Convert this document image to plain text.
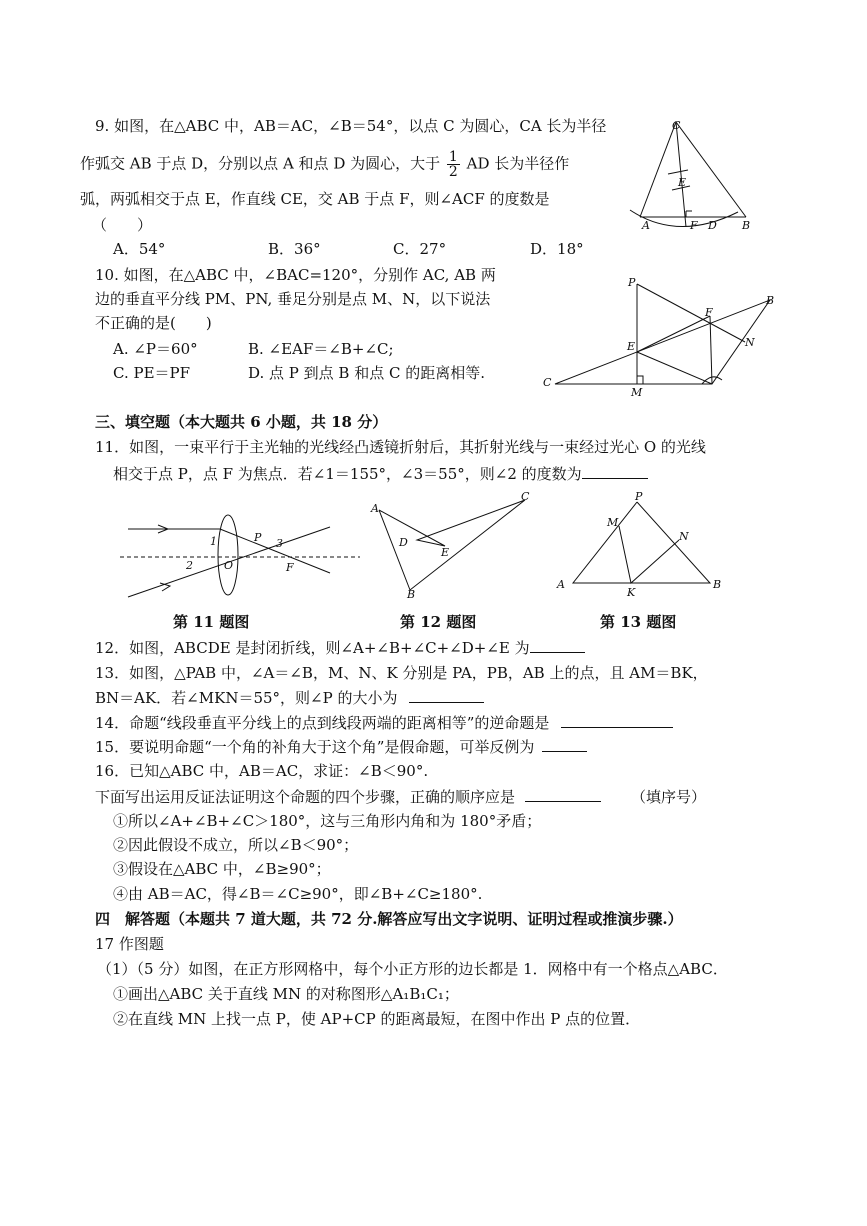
9. 如图，在△ABC 中，AB＝AC，∠B＝54°，以点 C 为圆心，CA 长为半径
作弧交 AB 于点 D，分别以点 A 和点 D 为圆心，大于 $\frac{1}{2}$ AD 长为半径作
弧，两弧相交于点 E，作直线 CE，交 AB 于点 F，则∠ACF 的度数是
（　　）
A．54°	B．36°	C．27°	D．18°
C
E
A	F D B
10. 如图，在△ABC 中，∠BAC=120°，分别作 AC, AB 两
边的垂直平分线 PM、PN, 垂足分别是点 M、N，以下说法
不正确的是(　　)
A. ∠P＝60°	B. ∠EAF＝∠B+∠C;
C. PE＝PF	D. 点 P 到点 B 和点 C 的距离相等.
P
B
F
N
E
C
M
三、填空题（本大题共 6 小题，共 18 分）
11．如图，一束平行于主光轴的光线经凸透镜折射后，其折射光线与一束经过光心 O 的光线
相交于点 P，点 F 为焦点．若∠1＝155°，∠3＝55°，则∠2 的度数为
1	P 3
2	O	F
A
C
D
E
B
P
M
N
A
K
B
第 11 题图	第 12 题图	第 13 题图
12．如图，ABCDE 是封闭折线，则∠A+∠B+∠C+∠D+∠E 为
13．如图，△PAB 中，∠A＝∠B，M、N、K 分别是 PA，PB，AB 上的点，且 AM＝BK，
BN＝AK．若∠MKN＝55°，则∠P 的大小为
14．命题“线段垂直平分线上的点到线段两端的距离相等”的逆命题是
15．要说明命题“一个角的补角大于这个角”是假命题，可举反例为
16．已知△ABC 中，AB＝AC，求证：∠B＜90°.
下面写出运用反证法证明这个命题的四个步骤，正确的顺序应是	（填序号）
①所以∠A+∠B+∠C＞180°，这与三角形内角和为 180°矛盾；
②因此假设不成立，所以∠B＜90°；
③假设在△ABC 中，∠B≥90°；
④由 AB＝AC，得∠B＝∠C≥90°，即∠B+∠C≥180°.
四　解答题（本题共 7 道大题，共 72 分.解答应写出文字说明、证明过程或推演步骤.）
17 作图题
（1）（5 分）如图，在正方形网格中，每个小正方形的边长都是 1．网格中有一个格点△ABC．
①画出△ABC 关于直线 MN 的对称图形△A₁B₁C₁；
②在直线 MN 上找一点 P，使 AP+CP 的距离最短，在图中作出 P 点的位置．
